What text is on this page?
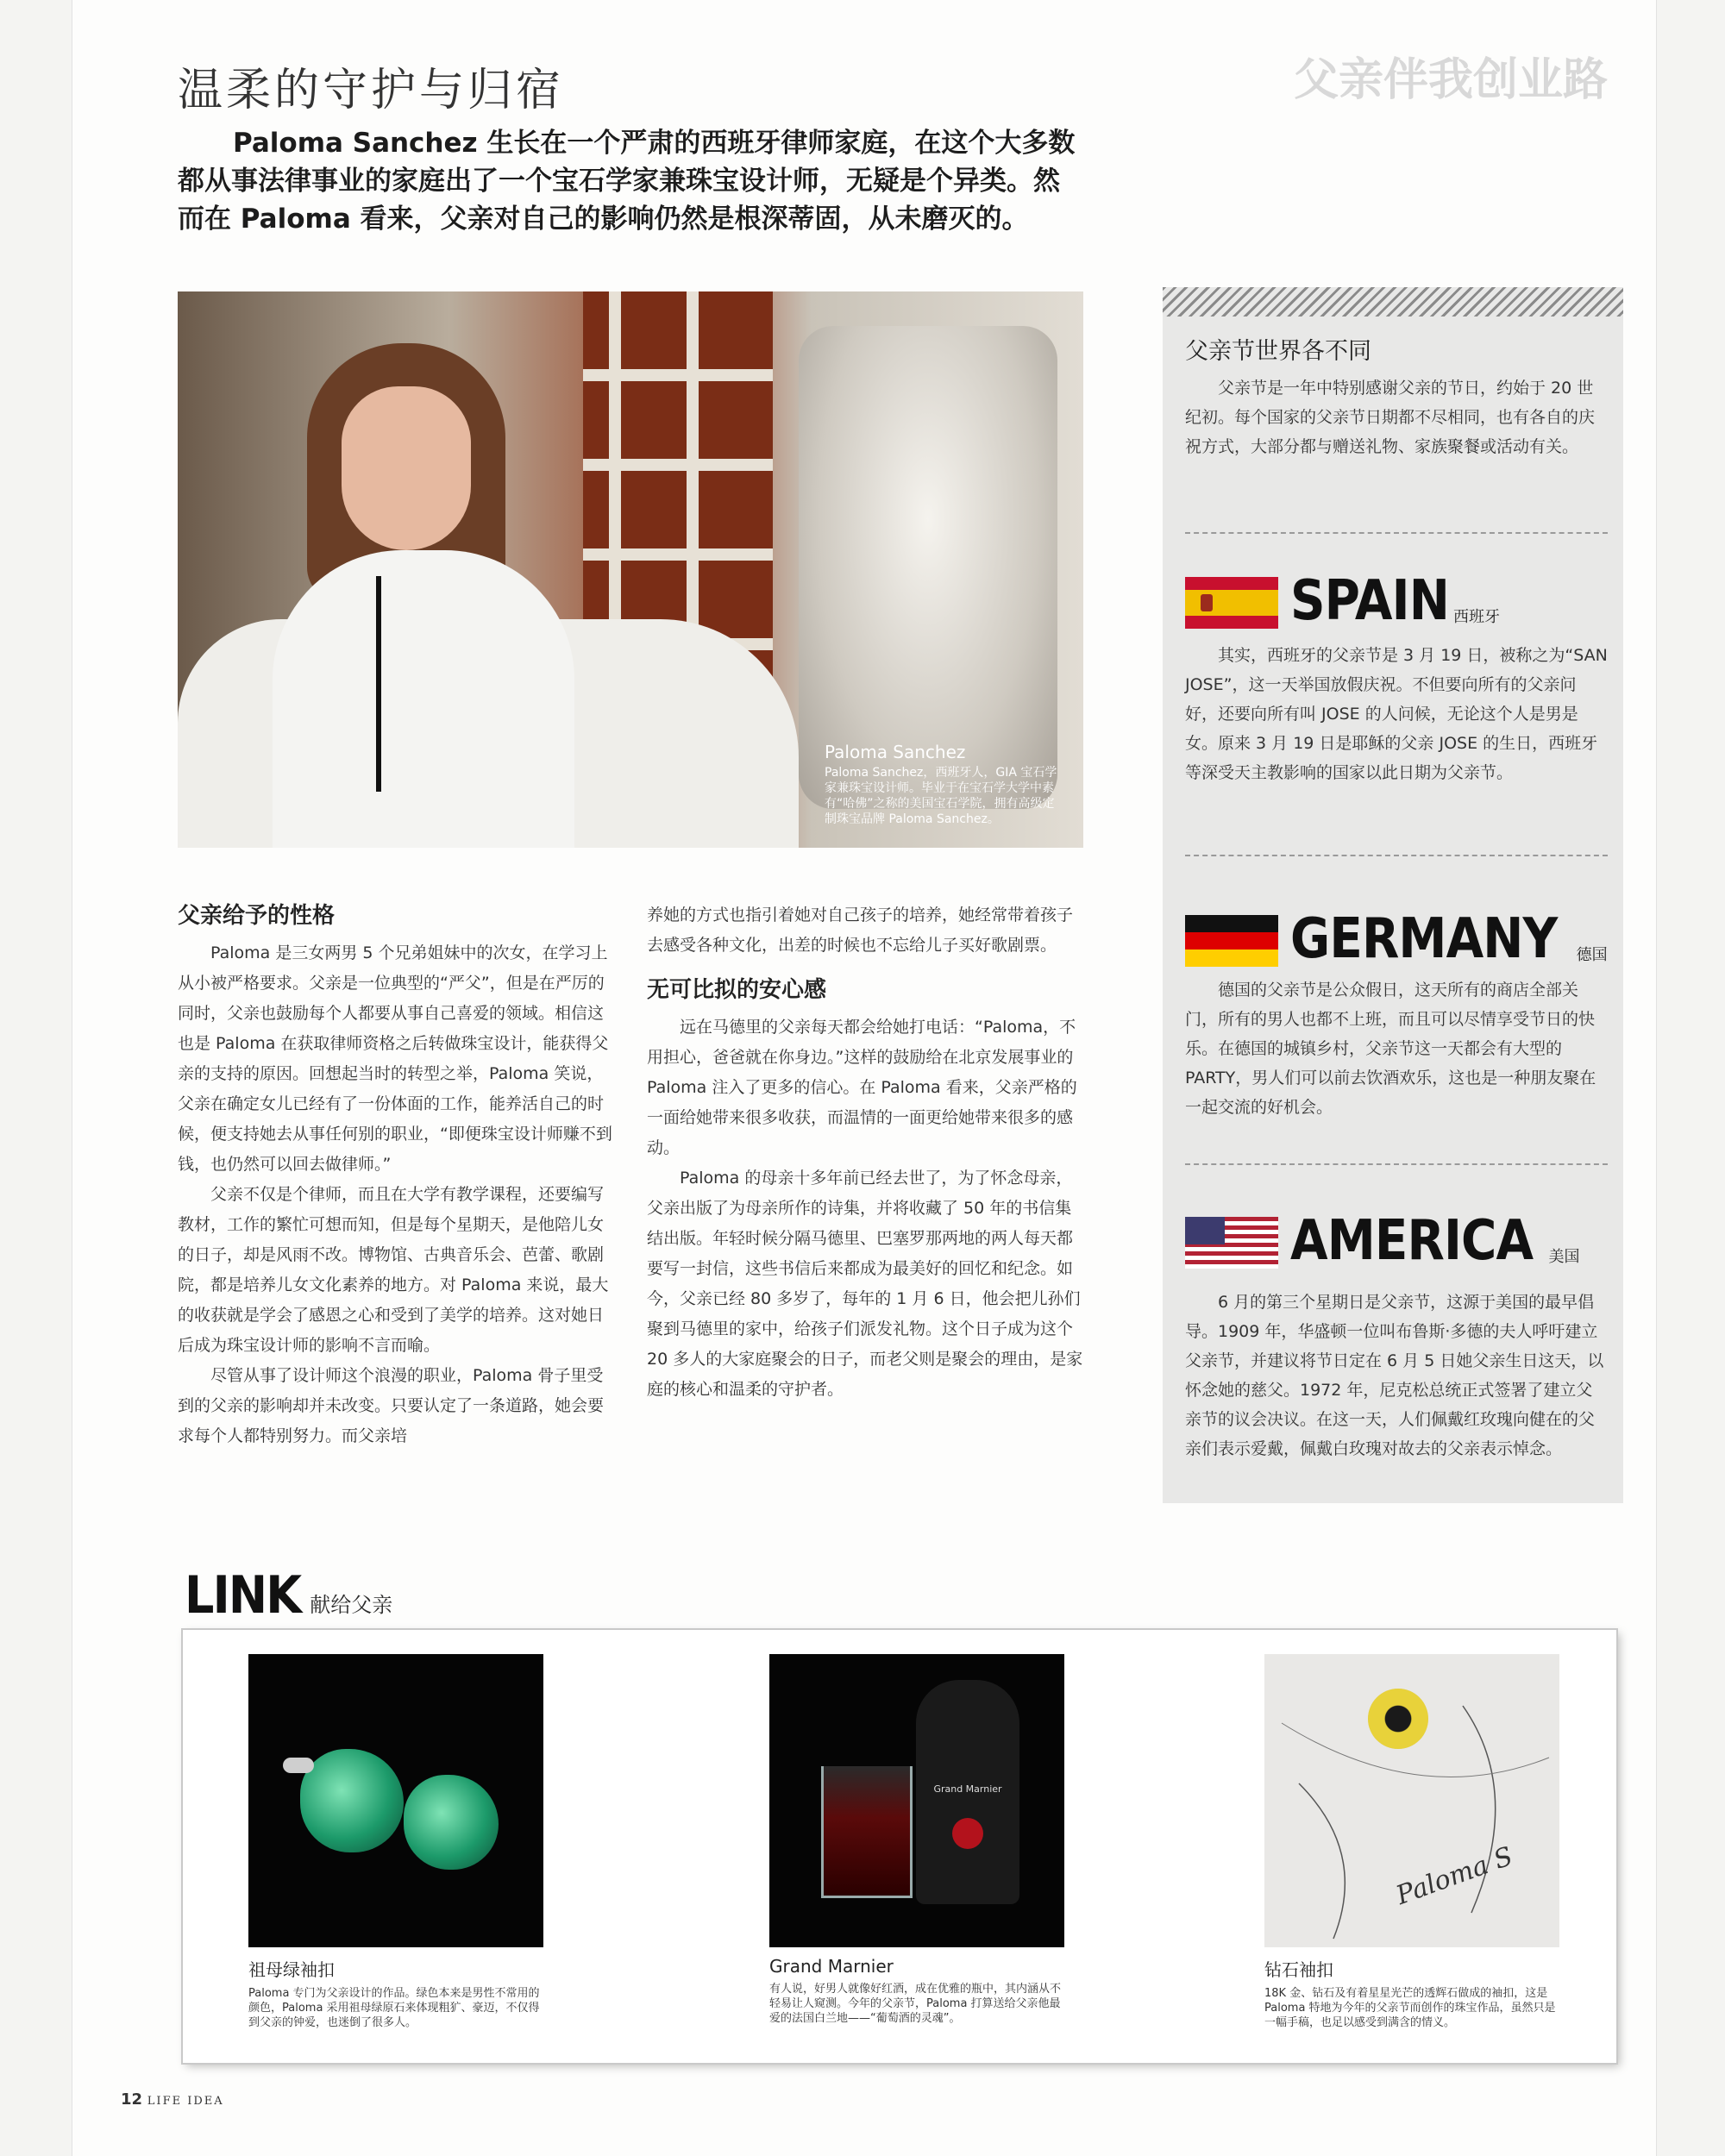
父亲伴我创业路
温柔的守护与归宿
Paloma Sanchez 生长在一个严肃的西班牙律师家庭，在这个大多数都从事法律事业的家庭出了一个宝石学家兼珠宝设计师，无疑是个异类。然而在 Paloma 看来，父亲对自己的影响仍然是根深蒂固，从未磨灭的。
Paloma Sanchez
Paloma Sanchez，西班牙人，GIA 宝石学家兼珠宝设计师。毕业于在宝石学大学中素有“哈佛”之称的美国宝石学院，拥有高级定制珠宝品牌 Paloma Sanchez。
父亲节世界各不同
父亲节是一年中特别感谢父亲的节日，约始于 20 世纪初。每个国家的父亲节日期都不尽相同，也有各自的庆祝方式，大部分都与赠送礼物、家族聚餐或活动有关。
SPAIN 西班牙
其实，西班牙的父亲节是 3 月 19 日，被称之为“SAN JOSE”，这一天举国放假庆祝。不但要向所有的父亲问好，还要向所有叫 JOSE 的人问候，无论这个人是男是女。原来 3 月 19 日是耶稣的父亲 JOSE 的生日，西班牙等深受天主教影响的国家以此日期为父亲节。
GERMANY 德国
德国的父亲节是公众假日，这天所有的商店全部关门，所有的男人也都不上班，而且可以尽情享受节日的快乐。在德国的城镇乡村，父亲节这一天都会有大型的 PARTY，男人们可以前去饮酒欢乐，这也是一种朋友聚在一起交流的好机会。
AMERICA 美国
6 月的第三个星期日是父亲节，这源于美国的最早倡导。1909 年，华盛顿一位叫布鲁斯·多德的夫人呼吁建立父亲节，并建议将节日定在 6 月 5 日她父亲生日这天，以怀念她的慈父。1972 年，尼克松总统正式签署了建立父亲节的议会决议。在这一天，人们佩戴红玫瑰向健在的父亲们表示爱戴，佩戴白玫瑰对故去的父亲表示悼念。
父亲给予的性格

Paloma 是三女两男 5 个兄弟姐妹中的次女，在学习上从小被严格要求。父亲是一位典型的“严父”，但是在严厉的同时，父亲也鼓励每个人都要从事自己喜爱的领域。相信这也是 Paloma 在获取律师资格之后转做珠宝设计，能获得父亲的支持的原因。回想起当时的转型之举，Paloma 笑说，父亲在确定女儿已经有了一份体面的工作，能养活自己的时候，便支持她去从事任何别的职业，“即便珠宝设计师赚不到钱，也仍然可以回去做律师。”

父亲不仅是个律师，而且在大学有教学课程，还要编写教材，工作的繁忙可想而知，但是每个星期天，是他陪儿女的日子，却是风雨不改。博物馆、古典音乐会、芭蕾、歌剧院，都是培养儿女文化素养的地方。对 Paloma 来说，最大的收获就是学会了感恩之心和受到了美学的培养。这对她日后成为珠宝设计师的影响不言而喻。

尽管从事了设计师这个浪漫的职业，Paloma 骨子里受到的父亲的影响却并未改变。只要认定了一条道路，她会要求每个人都特别努力。而父亲培

养她的方式也指引着她对自己孩子的培养，她经常带着孩子去感受各种文化，出差的时候也不忘给儿子买好歌剧票。

无可比拟的安心感

远在马德里的父亲每天都会给她打电话：“Paloma，不用担心，爸爸就在你身边。”这样的鼓励给在北京发展事业的 Paloma 注入了更多的信心。在 Paloma 看来，父亲严格的一面给她带来很多收获，而温情的一面更给她带来很多的感动。

Paloma 的母亲十多年前已经去世了，为了怀念母亲，父亲出版了为母亲所作的诗集，并将收藏了 50 年的书信集结出版。年轻时候分隔马德里、巴塞罗那两地的两人每天都要写一封信，这些书信后来都成为最美好的回忆和纪念。如今，父亲已经 80 多岁了，每年的 1 月 6 日，他会把儿孙们聚到马德里的家中，给孩子们派发礼物。这个日子成为这个 20 多人的大家庭聚会的日子，而老父则是聚会的理由，是家庭的核心和温柔的守护者。

LINK 献给父亲
祖母绿袖扣
Paloma 专门为父亲设计的作品。绿色本来是男性不常用的颜色，Paloma 采用祖母绿原石来体现粗犷、豪迈，不仅得到父亲的钟爱，也迷倒了很多人。
Grand Marnier
Grand Marnier
有人说，好男人就像好红酒，成在优雅的瓶中，其内涵从不轻易让人窥测。今年的父亲节，Paloma 打算送给父亲他最爱的法国白兰地——“葡萄酒的灵魂”。
Paloma S
钻石袖扣
18K 金、钻石及有着星星光芒的透辉石做成的袖扣，这是 Paloma 特地为今年的父亲节而创作的珠宝作品，虽然只是一幅手稿，也足以感受到满含的情义。
12 LIFE IDEA
